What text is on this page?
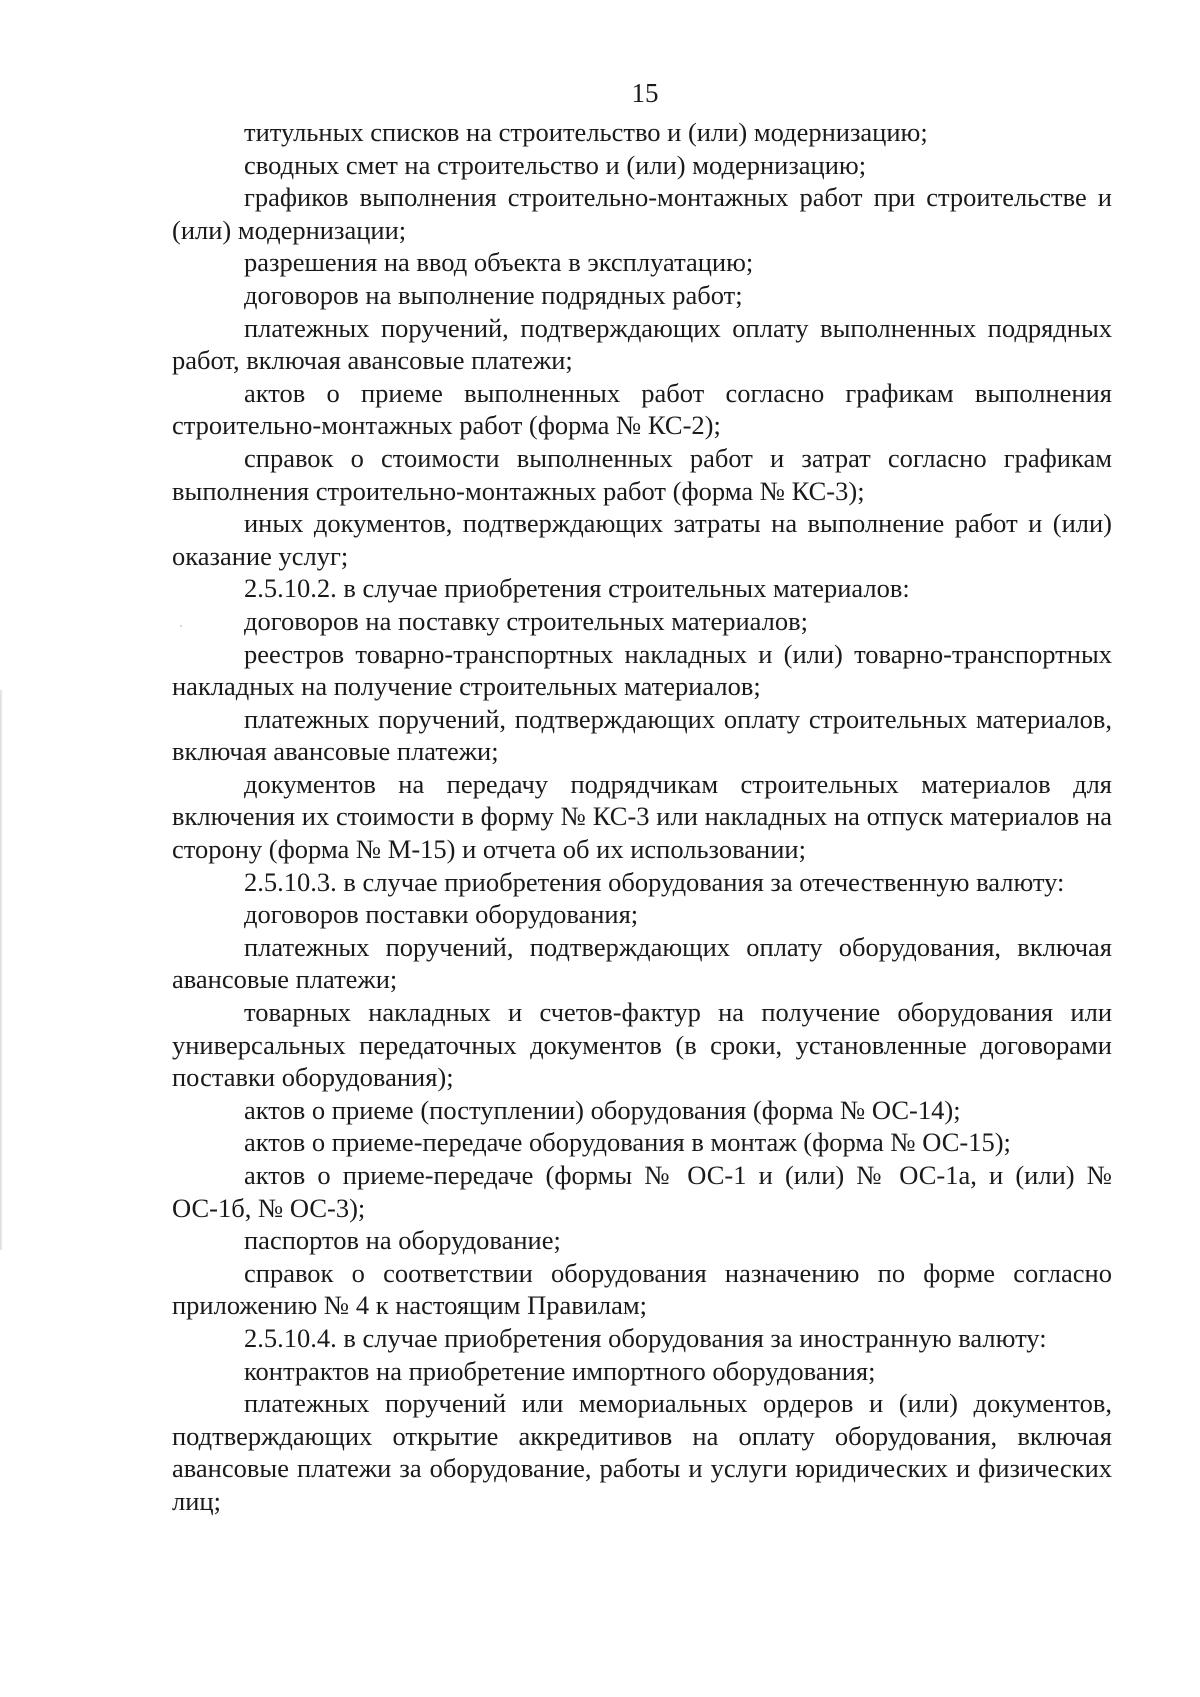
15

титульных списков на строительство и (или) модернизацию;

сводных смет на строительство и (или) модернизацию;

графиков выполнения строительно-монтажных работ при строительстве и (или) модернизации;

разрешения на ввод объекта в эксплуатацию;

договоров на выполнение подрядных работ;

платежных поручений, подтверждающих оплату выполненных подрядных работ, включая авансовые платежи;

актов о приеме выполненных работ согласно графикам выполнения строительно-монтажных работ (форма № КС-2);

справок о стоимости выполненных работ и затрат согласно графикам выполнения строительно-монтажных работ (форма № КС-3);

иных документов, подтверждающих затраты на выполнение работ и (или) оказание услуг;

2.5.10.2. в случае приобретения строительных материалов:

договоров на поставку строительных материалов;

реестров товарно-транспортных накладных и (или) товарно-транспортных накладных на получение строительных материалов;

платежных поручений, подтверждающих оплату строительных материалов, включая авансовые платежи;

документов на передачу подрядчикам строительных материалов для включения их стоимости в форму № КС-3 или накладных на отпуск материалов на сторону (форма № М-15) и отчета об их использовании;

2.5.10.3. в случае приобретения оборудования за отечественную валюту:

договоров поставки оборудования;

платежных поручений, подтверждающих оплату оборудования, включая авансовые платежи;

товарных накладных и счетов-фактур на получение оборудования или универсальных передаточных документов (в сроки, установленные договорами поставки оборудования);

актов о приеме (поступлении) оборудования (форма № ОС-14);

актов о приеме-передаче оборудования в монтаж (форма № ОС-15);

актов о приеме-передаче (формы № ОС-1 и (или) № ОС-1а, и (или) № ОС-1б, № ОС-3);

паспортов на оборудование;

справок о соответствии оборудования назначению по форме согласно приложению № 4 к настоящим Правилам;

2.5.10.4. в случае приобретения оборудования за иностранную валюту:

контрактов на приобретение импортного оборудования;

платежных поручений или мемориальных ордеров и (или) документов, подтверждающих открытие аккредитивов на оплату оборудования, включая авансовые платежи за оборудование, работы и услуги юридических и физических лиц;
